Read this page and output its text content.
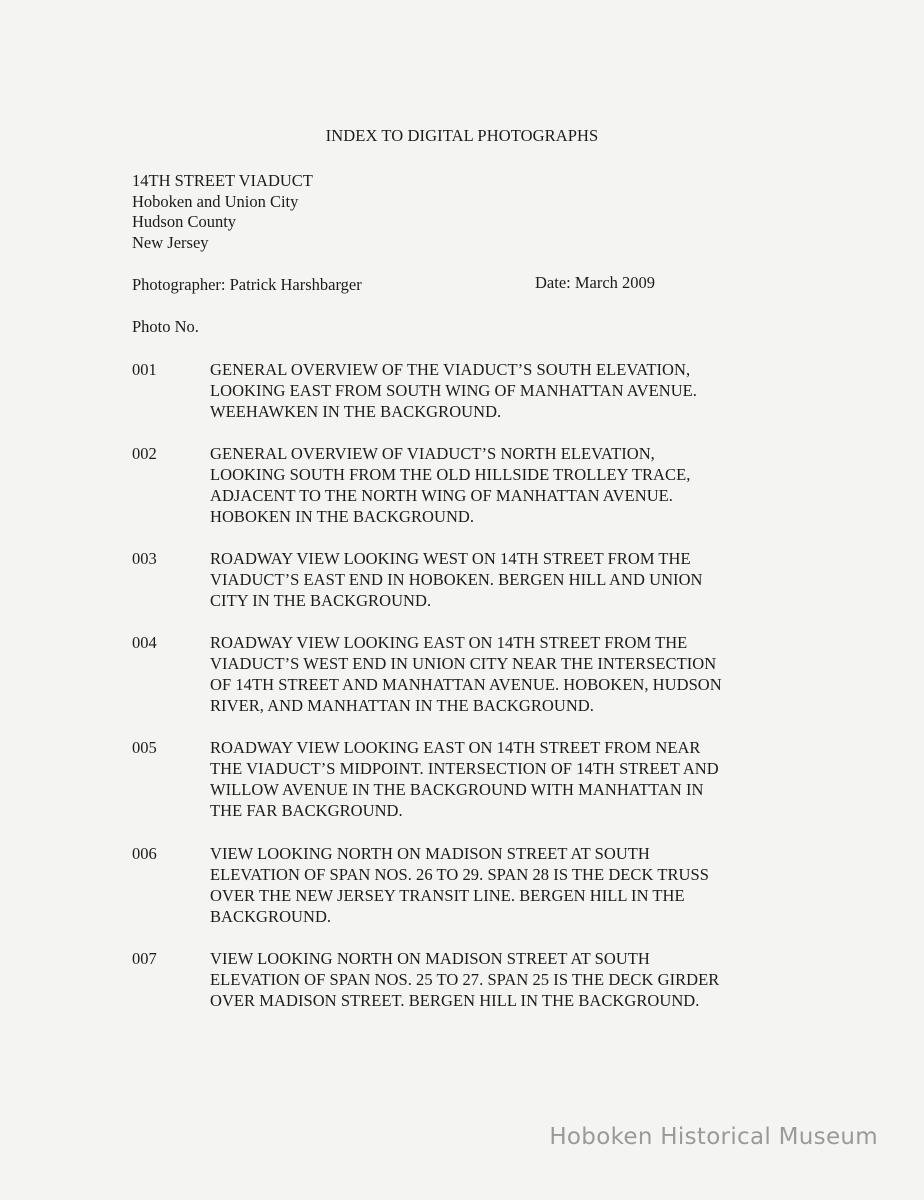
INDEX TO DIGITAL PHOTOGRAPHS
14TH STREET VIADUCT
Hoboken and Union City
Hudson County
New Jersey
Photographer: Patrick Harshbarger	Date: March 2009
Photo No.
001	GENERAL OVERVIEW OF THE VIADUCT’S SOUTH ELEVATION,
LOOKING EAST FROM SOUTH WING OF MANHATTAN AVENUE.
WEEHAWKEN IN THE BACKGROUND.
002	GENERAL OVERVIEW OF VIADUCT’S NORTH ELEVATION,
LOOKING SOUTH FROM THE OLD HILLSIDE TROLLEY TRACE,
ADJACENT TO THE NORTH WING OF MANHATTAN AVENUE.
HOBOKEN IN THE BACKGROUND.
003	ROADWAY VIEW LOOKING WEST ON 14TH STREET FROM THE
VIADUCT’S EAST END IN HOBOKEN. BERGEN HILL AND UNION
CITY IN THE BACKGROUND.
004	ROADWAY VIEW LOOKING EAST ON 14TH STREET FROM THE
VIADUCT’S WEST END IN UNION CITY NEAR THE INTERSECTION
OF 14TH STREET AND MANHATTAN AVENUE. HOBOKEN, HUDSON
RIVER, AND MANHATTAN IN THE BACKGROUND.
005	ROADWAY VIEW LOOKING EAST ON 14TH STREET FROM NEAR
THE VIADUCT’S MIDPOINT. INTERSECTION OF 14TH STREET AND
WILLOW AVENUE IN THE BACKGROUND WITH MANHATTAN IN
THE FAR BACKGROUND.
006	VIEW LOOKING NORTH ON MADISON STREET AT SOUTH
ELEVATION OF SPAN NOS. 26 TO 29. SPAN 28 IS THE DECK TRUSS
OVER THE NEW JERSEY TRANSIT LINE. BERGEN HILL IN THE
BACKGROUND.
007	VIEW LOOKING NORTH ON MADISON STREET AT SOUTH
ELEVATION OF SPAN NOS. 25 TO 27. SPAN 25 IS THE DECK GIRDER
OVER MADISON STREET. BERGEN HILL IN THE BACKGROUND.
Hoboken Historical Museum
